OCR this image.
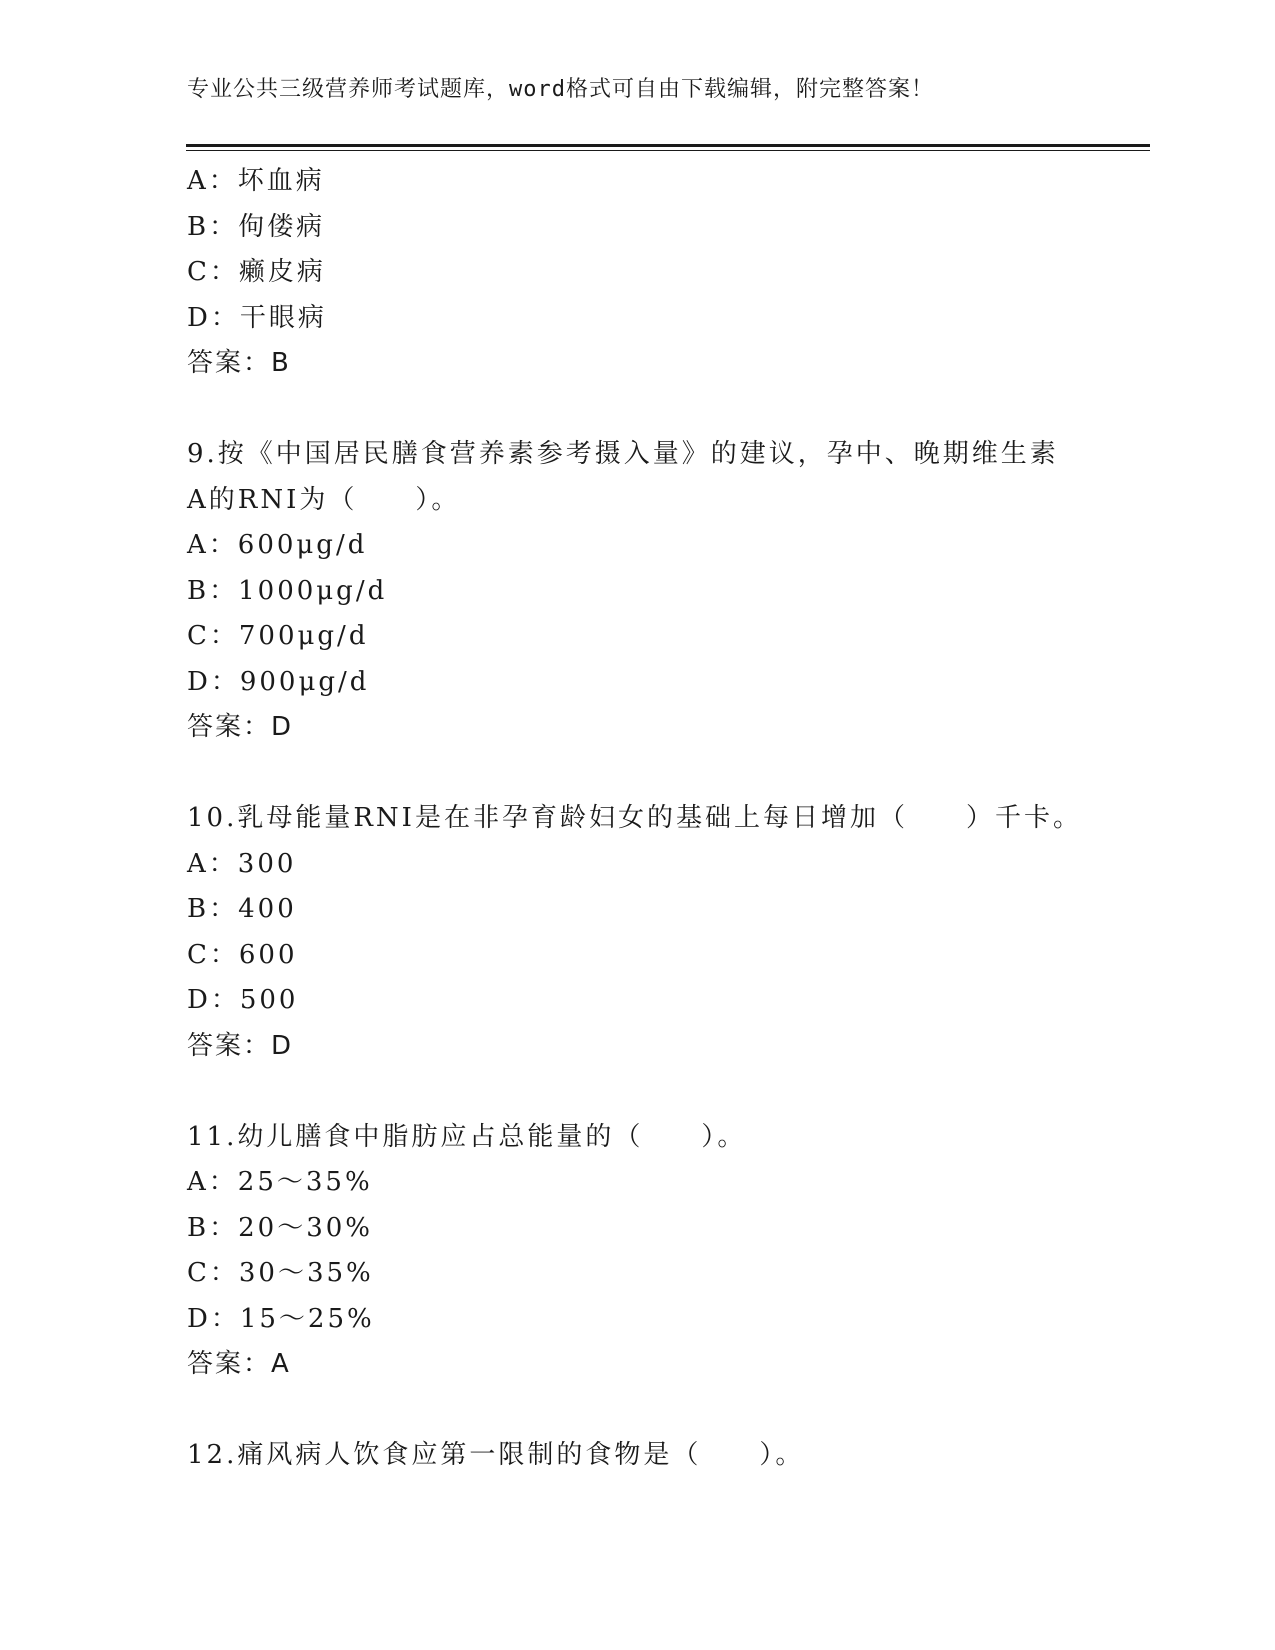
专业公共三级营养师考试题库，word格式可自由下载编辑，附完整答案！
A：坏血病
B：佝偻病
C：癞皮病
D：干眼病
答案：B
9.按《中国居民膳食营养素参考摄入量》的建议，孕中、晚期维生素
A的RNI为（　　）。
A：600μg/d
B：1000μg/d
C：700μg/d
D：900μg/d
答案：D
10.乳母能量RNI是在非孕育龄妇女的基础上每日增加（　　）千卡。
A：300
B：400
C：600
D：500
答案：D
11.幼儿膳食中脂肪应占总能量的（　　）。
A：25～35%
B：20～30%
C：30～35%
D：15～25%
答案：A
12.痛风病人饮食应第一限制的食物是（　　）。
